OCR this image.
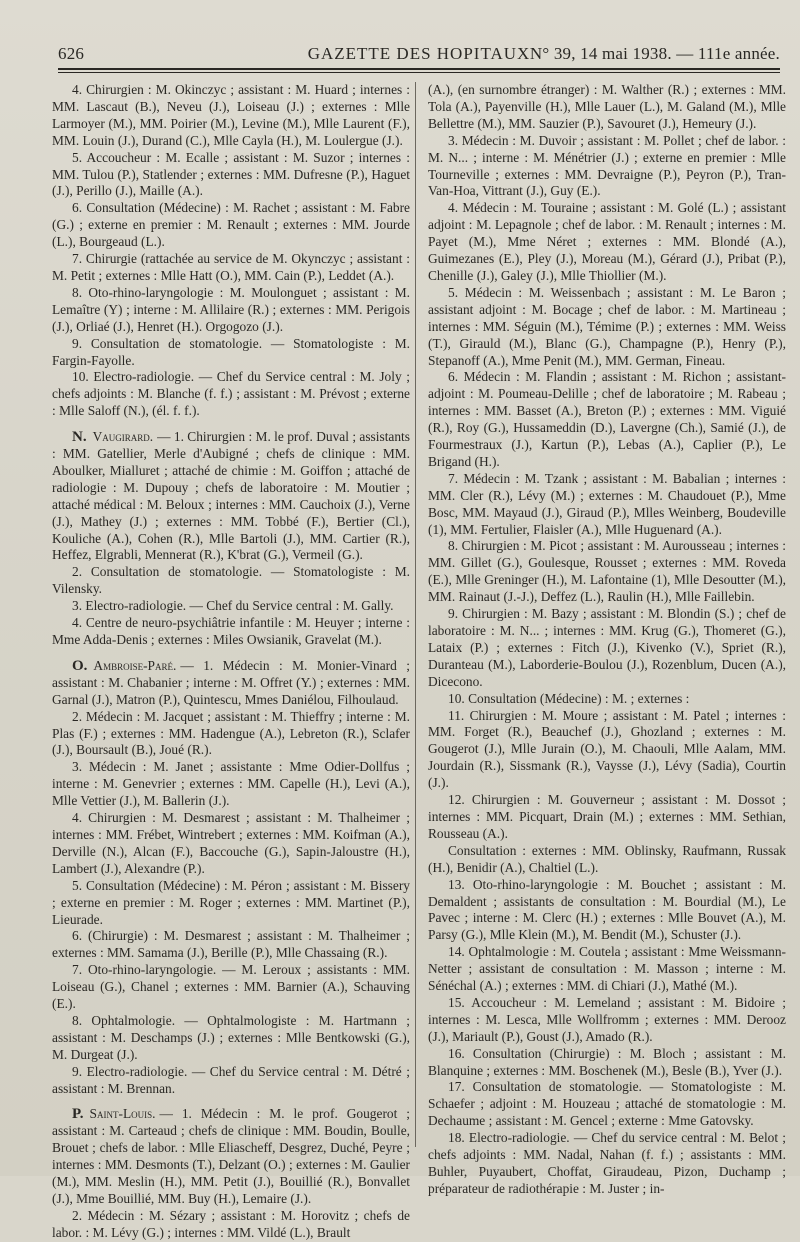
626	GAZETTE DES HOPITAUX N° 39, 14 mai 1938. — 111e année.

4. Chirurgien : M. Okinczyc ; assistant : M. Huard ; internes : MM. Lascaut (B.), Neveu (J.), Loiseau (J.) ; externes : Mlle Larmoyer (M.), MM. Poirier (M.), Levine (M.), Mlle Laurent (F.), MM. Louin (J.), Durand (C.), Mlle Cayla (H.), M. Loulergue (J.).

5. Accoucheur : M. Ecalle ; assistant : M. Suzor ; internes : MM. Tulou (P.), Statlender ; externes : MM. Dufresne (P.), Haguet (J.), Perillo (J.), Maille (A.).

6. Consultation (Médecine) : M. Rachet ; assistant : M. Fabre (G.) ; externe en premier : M. Renault ; externes : MM. Jourde (L.), Bourgeaud (L.).

7. Chirurgie (rattachée au service de M. Okynczyc ; assistant : M. Petit ; externes : Mlle Hatt (O.), MM. Cain (P.), Leddet (A.).

8. Oto-rhino-laryngologie : M. Moulonguet ; assistant : M. Lemaître (Y) ; interne : M. Allilaire (R.) ; externes : MM. Perigois (J.), Orliaé (J.), Henret (H.). Orgogozo (J.).

9. Consultation de stomatologie. — Stomatologiste : M. Fargin-Fayolle.

10. Electro-radiologie. — Chef du Service central : M. Joly ; chefs adjoints : M. Blanche (f. f.) ; assistant : M. Prévost ; externe : Mlle Saloff (N.), (él. f. f.).

N. Vaugirard. — 1. Chirurgien : M. le prof. Duval ; assistants : MM. Gatellier, Merle d'Aubigné ; chefs de clinique : MM. Aboulker, Mialluret ; attaché de chimie : M. Goiffon ; attaché de radiologie : M. Dupouy ; chefs de laboratoire : M. Moutier ; attaché médical : M. Beloux ; internes : MM. Cauchoix (J.), Verne (J.), Mathey (J.) ; externes : MM. Tobbé (F.), Bertier (Cl.), Kouliche (A.), Cohen (R.), Mlle Bartoli (J.), MM. Cartier (R.), Heffez, Elgrabli, Mennerat (R.), K'brat (G.), Vermeil (G.).

2. Consultation de stomatologie. — Stomatologiste : M. Vilensky.

3. Electro-radiologie. — Chef du Service central : M. Gally.

4. Centre de neuro-psychiâtrie infantile : M. Heuyer ; interne : Mme Adda-Denis ; externes : Miles Owsianik, Gravelat (M.).

O. Ambroise-Paré. — 1. Médecin : M. Monier-Vinard ; assistant : M. Chabanier ; interne : M. Offret (Y.) ; externes : MM. Garnal (J.), Matron (P.), Quintescu, Mmes Daniélou, Filhoulaud.

2. Médecin : M. Jacquet ; assistant : M. Thieffry ; interne : M. Plas (F.) ; externes : MM. Hadengue (A.), Lebreton (R.), Sclafer (J.), Boursault (B.), Joué (R.).

3. Médecin : M. Janet ; assistante : Mme Odier-Dollfus ; interne : M. Genevrier ; externes : MM. Capelle (H.), Levi (A.), Mlle Vettier (J.), M. Ballerin (J.).

4. Chirurgien : M. Desmarest ; assistant : M. Thalheimer ; internes : MM. Frébet, Wintrebert ; externes : MM. Koifman (A.), Derville (N.), Alcan (F.), Baccouche (G.), Sapin-Jaloustre (H.), Lambert (J.), Alexandre (P.).

5. Consultation (Médecine) : M. Péron ; assistant : M. Bissery ; externe en premier : M. Roger ; externes : MM. Martinet (P.), Lieurade.

6. (Chirurgie) : M. Desmarest ; assistant : M. Thalheimer ; externes : MM. Samama (J.), Berille (P.), Mlle Chassaing (R.).

7. Oto-rhino-laryngologie. — M. Leroux ; assistants : MM. Loiseau (G.), Chanel ; externes : MM. Barnier (A.), Schauving (E.).

8. Ophtalmologie. — Ophtalmologiste : M. Hartmann ; assistant : M. Deschamps (J.) ; externes : Mlle Bentkowski (G.), M. Durgeat (J.).

9. Electro-radiologie. — Chef du Service central : M. Détré ; assistant : M. Brennan.

P. Saint-Louis. — 1. Médecin : M. le prof. Gougerot ; assistant : M. Carteaud ; chefs de clinique : MM. Boudin, Boulle, Brouet ; chefs de labor. : Mlle Eliascheff, Desgrez, Duché, Peyre ; internes : MM. Desmonts (T.), Delzant (O.) ; externes : M. Gaulier (M.), MM. Meslin (H.), MM. Petit (J.), Bouillié (R.), Bonvallet (J.), Mme Bouillié, MM. Buy (H.), Lemaire (J.).

2. Médecin : M. Sézary ; assistant : M. Horovitz ; chefs de labor. : M. Lévy (G.) ; internes : MM. Vildé (L.), Brault

(A.), (en surnombre étranger) : M. Walther (R.) ; externes : MM. Tola (A.), Payenville (H.), Mlle Lauer (L.), M. Galand (M.), Mlle Bellettre (M.), MM. Sauzier (P.), Savouret (J.), Hemeury (J.).

3. Médecin : M. Duvoir ; assistant : M. Pollet ; chef de labor. : M. N... ; interne : M. Ménétrier (J.) ; externe en premier : Mlle Tourneville ; externes : MM. Devraigne (P.), Peyron (P.), Tran-Van-Hoa, Vittrant (J.), Guy (E.).

4. Médecin : M. Touraine ; assistant : M. Golé (L.) ; assistant adjoint : M. Lepagnole ; chef de labor. : M. Renault ; internes : M. Payet (M.), Mme Néret ; externes : MM. Blondé (A.), Guimezanes (E.), Pley (J.), Moreau (M.), Gérard (J.), Pribat (P.), Chenille (J.), Galey (J.), Mlle Thiollier (M.).

5. Médecin : M. Weissenbach ; assistant : M. Le Baron ; assistant adjoint : M. Bocage ; chef de labor. : M. Martineau ; internes : MM. Séguin (M.), Témime (P.) ; externes : MM. Weiss (T.), Girauld (M.), Blanc (G.), Champagne (P.), Henry (P.), Stepanoff (A.), Mme Penit (M.), MM. German, Fineau.

6. Médecin : M. Flandin ; assistant : M. Richon ; assistant-adjoint : M. Poumeau-Delille ; chef de laboratoire ; M. Rabeau ; internes : MM. Basset (A.), Breton (P.) ; externes : MM. Viguié (R.), Roy (G.), Hussameddin (D.), Lavergne (Ch.), Samié (J.), de Fourmestraux (J.), Kartun (P.), Lebas (A.), Caplier (P.), Le Brigand (H.).

7. Médecin : M. Tzank ; assistant : M. Babalian ; internes : MM. Cler (R.), Lévy (M.) ; externes : M. Chaudouet (P.), Mme Bosc, MM. Mayaud (J.), Giraud (P.), Mlles Weinberg, Boudeville (1), MM. Fertulier, Flaisler (A.), Mlle Huguenard (A.).

8. Chirurgien : M. Picot ; assistant : M. Aurousseau ; internes : MM. Gillet (G.), Goulesque, Rousset ; externes : MM. Roveda (E.), Mlle Greninger (H.), M. Lafontaine (1), Mlle Desoutter (M.), MM. Rainaut (J.-J.), Deffez (L.), Raulin (H.), Mlle Faillebin.

9. Chirurgien : M. Bazy ; assistant : M. Blondin (S.) ; chef de laboratoire : M. N... ; internes : MM. Krug (G.), Thomeret (G.), Lataix (P.) ; externes : Fitch (J.), Kivenko (V.), Spriet (R.), Duranteau (M.), Laborderie-Boulou (J.), Rozenblum, Ducen (A.), Dicecono.

10. Consultation (Médecine) : M. ; externes :

11. Chirurgien : M. Moure ; assistant : M. Patel ; internes : MM. Forget (R.), Beauchef (J.), Ghozland ; externes : M. Gougerot (J.), Mlle Jurain (O.), M. Chaouli, Mlle Aalam, MM. Jourdain (R.), Sissmank (R.), Vaysse (J.), Lévy (Sadia), Courtin (J.).

12. Chirurgien : M. Gouverneur ; assistant : M. Dossot ; internes : MM. Picquart, Drain (M.) ; externes : MM. Sethian, Rousseau (A.).

Consultation : externes : MM. Oblinsky, Raufmann, Russak (H.), Benidir (A.), Chaltiel (L.).

13. Oto-rhino-laryngologie : M. Bouchet ; assistant : M. Demaldent ; assistants de consultation : M. Bourdial (M.), Le Pavec ; interne : M. Clerc (H.) ; externes : Mlle Bouvet (A.), M. Parsy (G.), Mlle Klein (M.), M. Bendit (M.), Schuster (J.).

14. Ophtalmologie : M. Coutela ; assistant : Mme Weissmann-Netter ; assistant de consultation : M. Masson ; interne : M. Sénéchal (A.) ; externes : MM. di Chiari (J.), Mathé (M.).

15. Accoucheur : M. Lemeland ; assistant : M. Bidoire ; internes : M. Lesca, Mlle Wollfromm ; externes : MM. Derooz (J.), Mariault (P.), Goust (J.), Amado (R.).

16. Consultation (Chirurgie) : M. Bloch ; assistant : M. Blanquine ; externes : MM. Boschenek (M.), Besle (B.), Yver (J.).

17. Consultation de stomatologie. — Stomatologiste : M. Schaefer ; adjoint : M. Houzeau ; attaché de stomatologie : M. Dechaume ; assistant : M. Gencel ; externe : Mme Gatovsky.

18. Electro-radiologie. — Chef du service central : M. Belot ; chefs adjoints : MM. Nadal, Nahan (f. f.) ; assistants : MM. Buhler, Puyaubert, Choffat, Giraudeau, Pizon, Duchamp ; préparateur de radiothérapie : M. Juster ; in-
